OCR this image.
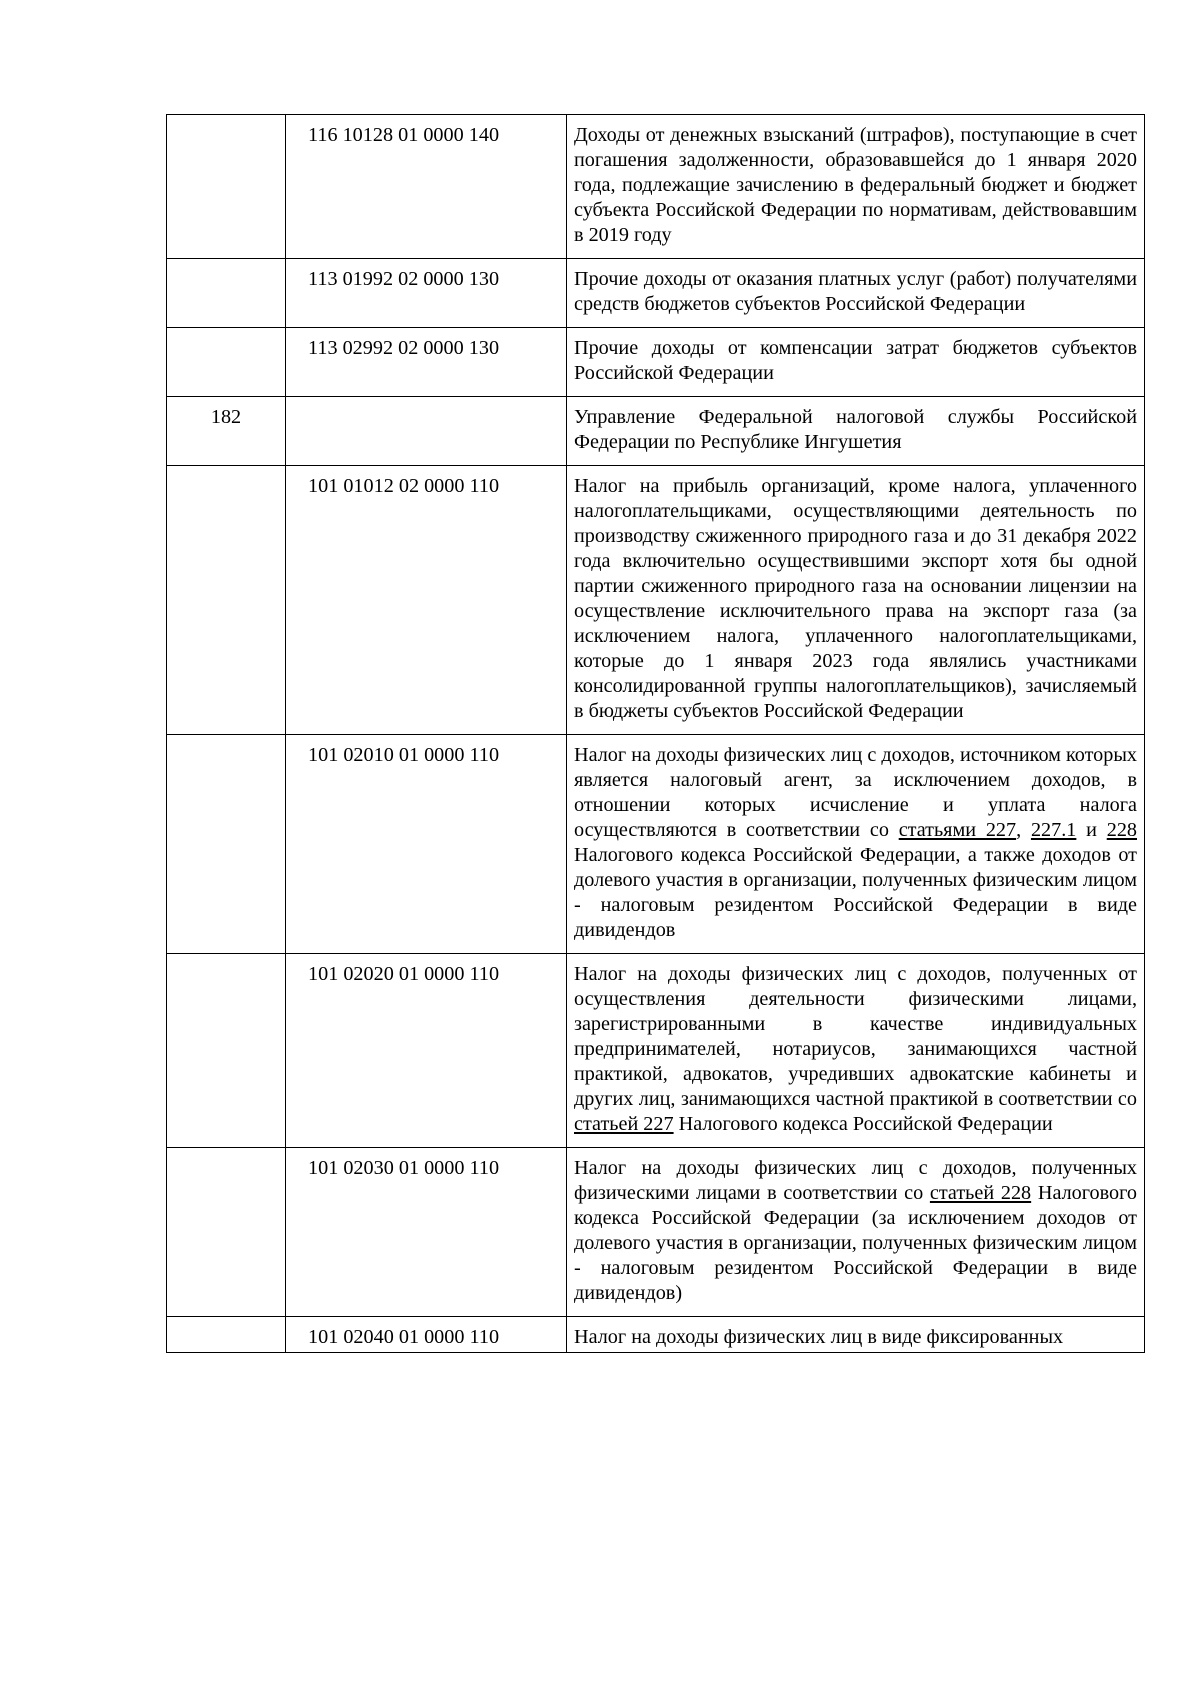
	116 10128 01 0000 140	Доходы от денежных взысканий (штрафов), поступающие в счет погашения задолженности, образовавшейся до 1 января 2020 года, подлежащие зачислению в федеральный бюджет и бюджет субъекта Российской Федерации по нормативам, действовавшим в 2019 году
	113 01992 02 0000 130	Прочие доходы от оказания платных услуг (работ) получателями средств бюджетов субъектов Российской Федерации
	113 02992 02 0000 130	Прочие доходы от компенсации затрат бюджетов субъектов Российской Федерации
182		Управление Федеральной налоговой службы Российской Федерации по Республике Ингушетия
	101 01012 02 0000 110	Налог на прибыль организаций, кроме налога, уплаченного налогоплательщиками, осуществляющими деятельность по производству сжиженного природного газа и до 31 декабря 2022 года включительно осуществившими экспорт хотя бы одной партии сжиженного природного газа на основании лицензии на осуществление исключительного права на экспорт газа (за исключением налога, уплаченного налогоплательщиками, которые до 1 января 2023 года являлись участниками консолидированной группы налогоплательщиков), зачисляемый в бюджеты субъектов Российской Федерации
	101 02010 01 0000 110	Налог на доходы физических лиц с доходов, источником которых является налоговый агент, за исключением доходов, в отношении которых исчисление и уплата налога осуществляются в соответствии со статьями 227, 227.1 и 228 Налогового кодекса Российской Федерации, а также доходов от долевого участия в организации, полученных физическим лицом - налоговым резидентом Российской Федерации в виде дивидендов
	101 02020 01 0000 110	Налог на доходы физических лиц с доходов, полученных от осуществления деятельности физическими лицами, зарегистрированными в качестве индивидуальных предпринимателей, нотариусов, занимающихся частной практикой, адвокатов, учредивших адвокатские кабинеты и других лиц, занимающихся частной практикой в соответствии со статьей 227 Налогового кодекса Российской Федерации
	101 02030 01 0000 110	Налог на доходы физических лиц с доходов, полученных физическими лицами в соответствии со статьей 228 Налогового кодекса Российской Федерации (за исключением доходов от долевого участия в организации, полученных физическим лицом - налоговым резидентом Российской Федерации в виде дивидендов)
	101 02040 01 0000 110	Налог на доходы физических лиц в виде фиксированных
